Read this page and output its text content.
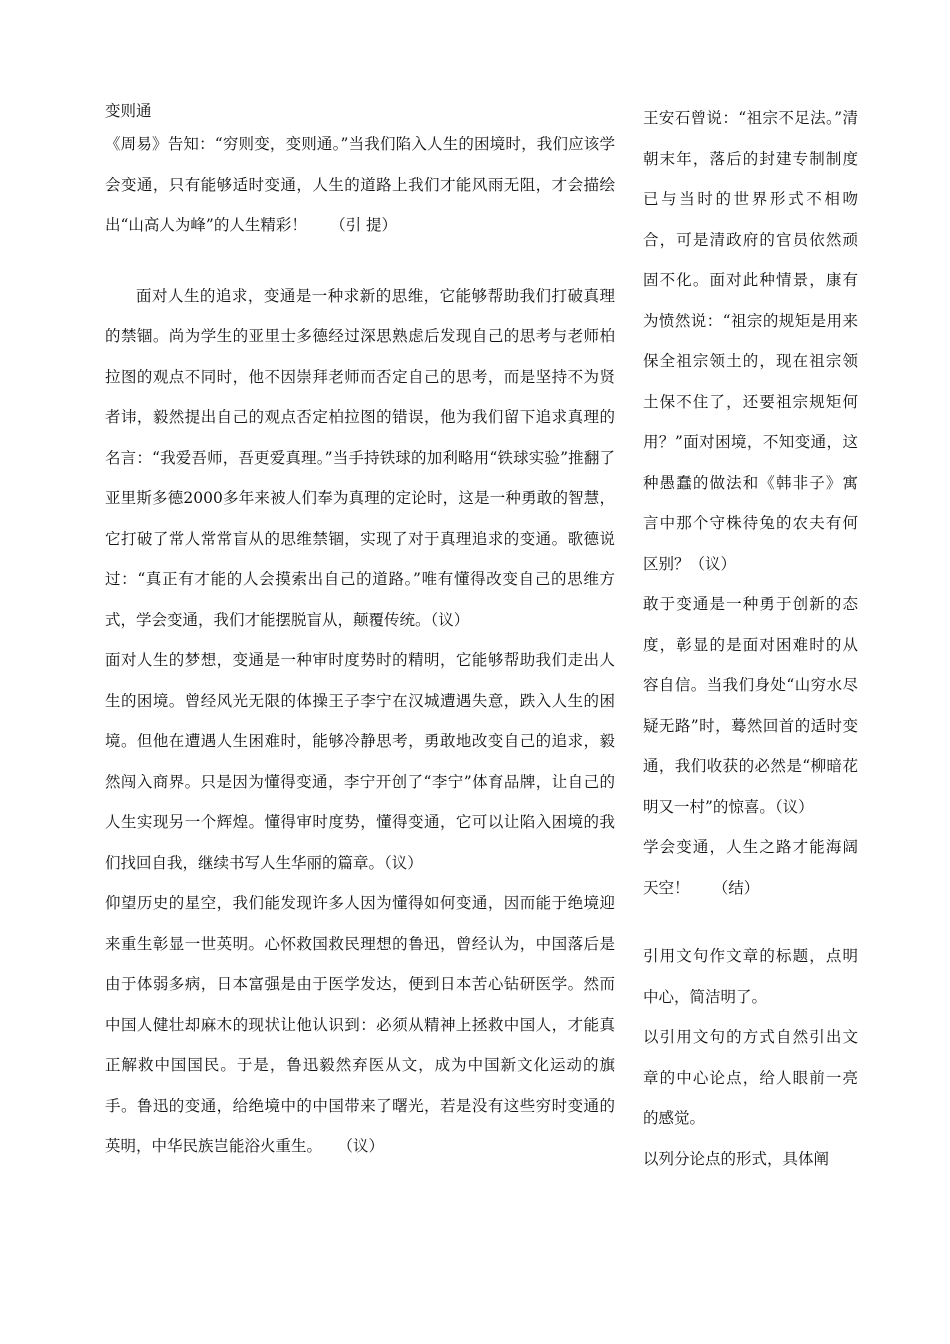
变则通

《周易》告知：“穷则变，变则通。”当我们陷入人生的困境时，我们应该学会变通，只有能够适时变通，人生的道路上我们才能风雨无阻，才会描绘出“山高人为峰”的人生精彩！ （引 提）

面对人生的追求，变通是一种求新的思维，它能够帮助我们打破真理的禁锢。尚为学生的亚里士多德经过深思熟虑后发现自己的思考与老师柏拉图的观点不同时，他不因崇拜老师而否定自己的思考，而是坚持不为贤者讳，毅然提出自己的观点否定柏拉图的错误，他为我们留下追求真理的名言：“我爱吾师，吾更爱真理。”当手持铁球的加利略用“铁球实验”推翻了亚里斯多德2000多年来被人们奉为真理的定论时，这是一种勇敢的智慧，它打破了常人常常盲从的思维禁锢，实现了对于真理追求的变通。歌德说过：“真正有才能的人会摸索出自己的道路。”唯有懂得改变自己的思维方式，学会变通，我们才能摆脱盲从，颠覆传统。（议）

面对人生的梦想，变通是一种审时度势时的精明，它能够帮助我们走出人生的困境。曾经风光无限的体操王子李宁在汉城遭遇失意，跌入人生的困境。但他在遭遇人生困难时，能够冷静思考，勇敢地改变自己的追求，毅然闯入商界。只是因为懂得变通，李宁开创了“李宁”体育品牌，让自己的人生实现另一个辉煌。懂得审时度势，懂得变通，它可以让陷入困境的我们找回自我，继续书写人生华丽的篇章。（议）

仰望历史的星空，我们能发现许多人因为懂得如何变通，因而能于绝境迎来重生彰显一世英明。心怀救国救民理想的鲁迅，曾经认为，中国落后是由于体弱多病，日本富强是由于医学发达，便到日本苦心钻研医学。然而中国人健壮却麻木的现状让他认识到：必须从精神上拯救中国人，才能真正解救中国国民。于是，鲁迅毅然弃医从文，成为中国新文化运动的旗手。鲁迅的变通，给绝境中的中国带来了曙光，若是没有这些穷时变通的英明，中华民族岂能浴火重生。 （议）

王安石曾说：“祖宗不足法。”清朝末年，落后的封建专制制度已与当时的世界形式不相吻合，可是清政府的官员依然顽固不化。面对此种情景，康有为愤然说：“祖宗的规矩是用来保全祖宗领土的，现在祖宗领土保不住了，还要祖宗规矩何用？”面对困境，不知变通，这种愚蠢的做法和《韩非子》寓言中那个守株待兔的农夫有何区别？（议）

敢于变通是一种勇于创新的态度，彰显的是面对困难时的从容自信。当我们身处“山穷水尽疑无路”时，蓦然回首的适时变通，我们收获的必然是“柳暗花明又一村”的惊喜。（议）

学会变通，人生之路才能海阔天空！ （结）

引用文句作文章的标题，点明中心，简洁明了。

以引用文句的方式自然引出文章的中心论点，给人眼前一亮的感觉。

以列分论点的形式，具体阐
